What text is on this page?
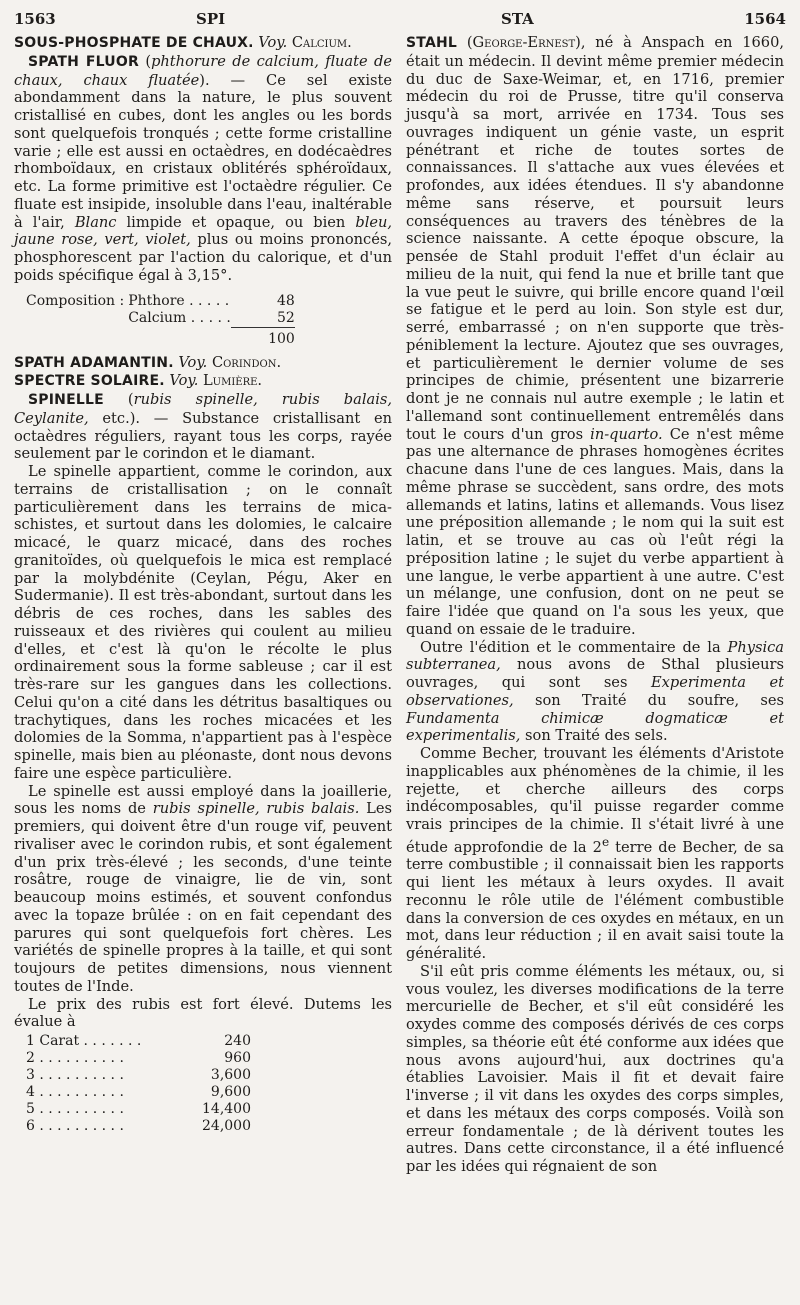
1563	SPI	STA	1564

SOUS-PHOSPHATE DE CHAUX. Voy. Calcium.

SPATH FLUOR (phthorure de calcium, fluate de chaux, chaux fluatée). — Ce sel existe abondamment dans la nature, le plus souvent cristallisé en cubes, dont les angles ou les bords sont quelquefois tronqués ; cette forme cristalline varie ; elle est aussi en octaèdres, en dodécaèdres rhomboïdaux, en cristaux oblitérés sphéroïdaux, etc. La forme primitive est l'octaèdre régulier. Ce fluate est insipide, insoluble dans l'eau, inaltérable à l'air, Blanc limpide et opaque, ou bien bleu, jaune rose, vert, violet, plus ou moins prononcés, phosphorescent par l'action du calorique, et d'un poids spécifique égal à 3,15°.

Composition :	Phthore . . . . .	48
	Calcium . . . . .	52
		100

SPATH ADAMANTIN. Voy. Corindon.

SPECTRE SOLAIRE. Voy. Lumière.

SPINELLE (rubis spinelle, rubis balais, Ceylanite, etc.). — Substance cristallisant en octaèdres réguliers, rayant tous les corps, rayée seulement par le corindon et le diamant.

Le spinelle appartient, comme le corindon, aux terrains de cristallisation ; on le connaît particulièrement dans les terrains de mica-schistes, et surtout dans les dolomies, le calcaire micacé, le quarz micacé, dans des roches granitoïdes, où quelquefois le mica est remplacé par la molybdénite (Ceylan, Pégu, Aker en Sudermanie). Il est très-abondant, surtout dans les débris de ces roches, dans les sables des ruisseaux et des rivières qui coulent au milieu d'elles, et c'est là qu'on le récolte le plus ordinairement sous la forme sableuse ; car il est très-rare sur les gangues dans les collections. Celui qu'on a cité dans les détritus basaltiques ou trachytiques, dans les roches micacées et les dolomies de la Somma, n'appartient pas à l'espèce spinelle, mais bien au pléonaste, dont nous devons faire une espèce particulière.

Le spinelle est aussi employé dans la joaillerie, sous les noms de rubis spinelle, rubis balais. Les premiers, qui doivent être d'un rouge vif, peuvent rivaliser avec le corindon rubis, et sont également d'un prix très-élevé ; les seconds, d'une teinte rosâtre, rouge de vinaigre, lie de vin, sont beaucoup moins estimés, et souvent confondus avec la topaze brûlée : on en fait cependant des parures qui sont quelquefois fort chères. Les variétés de spinelle propres à la taille, et qui sont toujours de petites dimensions, nous viennent toutes de l'Inde.

Le prix des rubis est fort élevé. Dutems les évalue à

1 Carat . . . . . . .	240
2 . . . . . . . . . .	960
3 . . . . . . . . . .	3,600
4 . . . . . . . . . .	9,600
5 . . . . . . . . . .	14,400
6 . . . . . . . . . .	24,000

STAHL (George-Ernest), né à Anspach en 1660, était un médecin. Il devint même premier médecin du duc de Saxe-Weimar, et, en 1716, premier médecin du roi de Prusse, titre qu'il conserva jusqu'à sa mort, arrivée en 1734. Tous ses ouvrages indiquent un génie vaste, un esprit pénétrant et riche de toutes sortes de connaissances. Il s'attache aux vues élevées et profondes, aux idées étendues. Il s'y abandonne même sans réserve, et poursuit leurs conséquences au travers des ténèbres de la science naissante. A cette époque obscure, la pensée de Stahl produit l'effet d'un éclair au milieu de la nuit, qui fend la nue et brille tant que la vue peut le suivre, qui brille encore quand l'œil se fatigue et le perd au loin. Son style est dur, serré, embarrassé ; on n'en supporte que très-péniblement la lecture. Ajoutez que ses ouvrages, et particulièrement le dernier volume de ses principes de chimie, présentent une bizarrerie dont je ne connais nul autre exemple ; le latin et l'allemand sont continuellement entremêlés dans tout le cours d'un gros in-quarto. Ce n'est même pas une alternance de phrases homogènes écrites chacune dans l'une de ces langues. Mais, dans la même phrase se succèdent, sans ordre, des mots allemands et latins, latins et allemands. Vous lisez une préposition allemande ; le nom qui la suit est latin, et se trouve au cas où l'eût régi la préposition latine ; le sujet du verbe appartient à une langue, le verbe appartient à une autre. C'est un mélange, une confusion, dont on ne peut se faire l'idée que quand on l'a sous les yeux, que quand on essaie de le traduire.

Outre l'édition et le commentaire de la Physica subterranea, nous avons de Sthal plusieurs ouvrages, qui sont ses Experimenta et observationes, son Traité du soufre, ses Fundamenta chimicæ dogmaticæ et experimentalis, son Traité des sels.

Comme Becher, trouvant les éléments d'Aristote inapplicables aux phénomènes de la chimie, il les rejette, et cherche ailleurs des corps indécomposables, qu'il puisse regarder comme vrais principes de la chimie. Il s'était livré à une étude approfondie de la 2e terre de Becher, de sa terre combustible ; il connaissait bien les rapports qui lient les métaux à leurs oxydes. Il avait reconnu le rôle utile de l'élément combustible dans la conversion de ces oxydes en métaux, en un mot, dans leur réduction ; il en avait saisi toute la généralité.

S'il eût pris comme éléments les métaux, ou, si vous voulez, les diverses modifications de la terre mercurielle de Becher, et s'il eût considéré les oxydes comme des composés dérivés de ces corps simples, sa théorie eût été conforme aux idées que nous avons aujourd'hui, aux doctrines qu'a établies Lavoisier. Mais il fit et devait faire l'inverse ; il vit dans les oxydes des corps simples, et dans les métaux des corps composés. Voilà son erreur fondamentale ; de là dérivent toutes les autres. Dans cette circonstance, il a été influencé par les idées qui régnaient de son
